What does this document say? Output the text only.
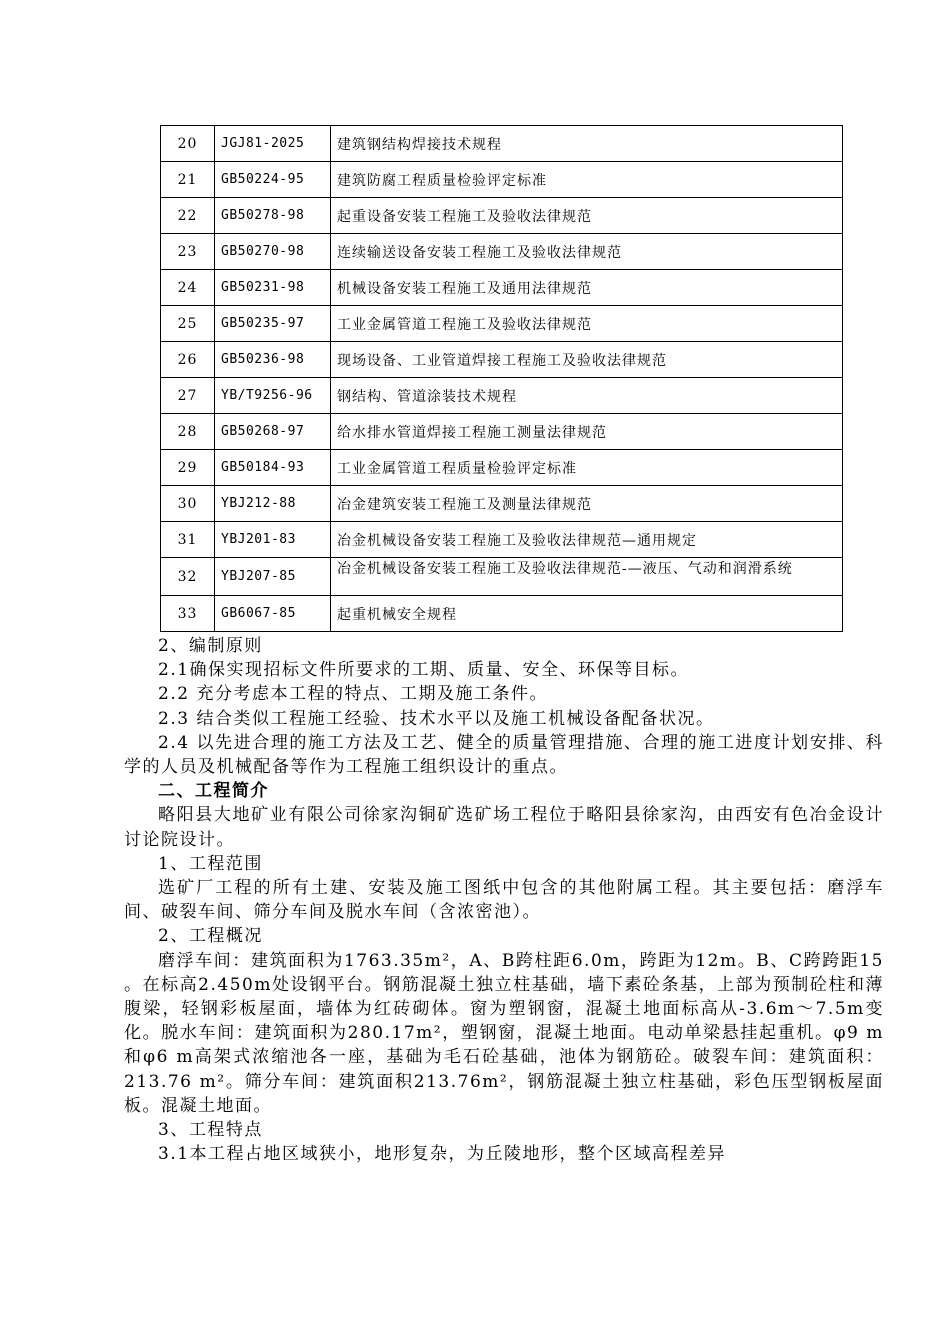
20	JGJ81-2025	建筑钢结构焊接技术规程
21	GB50224-95	建筑防腐工程质量检验评定标准
22	GB50278-98	起重设备安装工程施工及验收法律规范
23	GB50270-98	连续输送设备安装工程施工及验收法律规范
24	GB50231-98	机械设备安装工程施工及通用法律规范
25	GB50235-97	工业金属管道工程施工及验收法律规范
26	GB50236-98	现场设备、工业管道焊接工程施工及验收法律规范
27	YB/T9256-96	钢结构、管道涂装技术规程
28	GB50268-97	给水排水管道焊接工程施工测量法律规范
29	GB50184-93	工业金属管道工程质量检验评定标准
30	YBJ212-88	冶金建筑安装工程施工及测量法律规范
31	YBJ201-83	冶金机械设备安装工程施工及验收法律规范—通用规定
32	YBJ207-85	冶金机械设备安装工程施工及验收法律规范-—液压、气动和润滑系统
33	GB6067-85	起重机械安全规程

2、编制原则

2.1确保实现招标文件所要求的工期、质量、安全、环保等目标。

2.2 充分考虑本工程的特点、工期及施工条件。

2.3 结合类似工程施工经验、技术水平以及施工机械设备配备状况。

2.4 以先进合理的施工方法及工艺、健全的质量管理措施、合理的施工进度计划安排、科学的人员及机械配备等作为工程施工组织设计的重点。

二、工程简介

略阳县大地矿业有限公司徐家沟铜矿选矿场工程位于略阳县徐家沟，由西安有色冶金设计讨论院设计。

1、工程范围

选矿厂工程的所有土建、安装及施工图纸中包含的其他附属工程。其主要包括：磨浮车间、破裂车间、筛分车间及脱水车间（含浓密池）。

2、工程概况

磨浮车间：建筑面积为1763.35m²，A、B跨柱距6.0m，跨距为12m。B、C跨跨距15 。在标高2.450m处设钢平台。钢筋混凝土独立柱基础，墙下素砼条基，上部为预制砼柱和薄腹梁，轻钢彩板屋面，墙体为红砖砌体。窗为塑钢窗，混凝土地面标高从-3.6m～7.5m变化。脱水车间：建筑面积为280.17m²，塑钢窗，混凝土地面。电动单梁悬挂起重机。φ9 m和φ6 m高架式浓缩池各一座，基础为毛石砼基础，池体为钢筋砼。破裂车间：建筑面积：213.76 m²。筛分车间：建筑面积213.76m²，钢筋混凝土独立柱基础，彩色压型钢板屋面板。混凝土地面。

3、工程特点

3.1本工程占地区域狭小，地形复杂，为丘陵地形，整个区域高程差异
